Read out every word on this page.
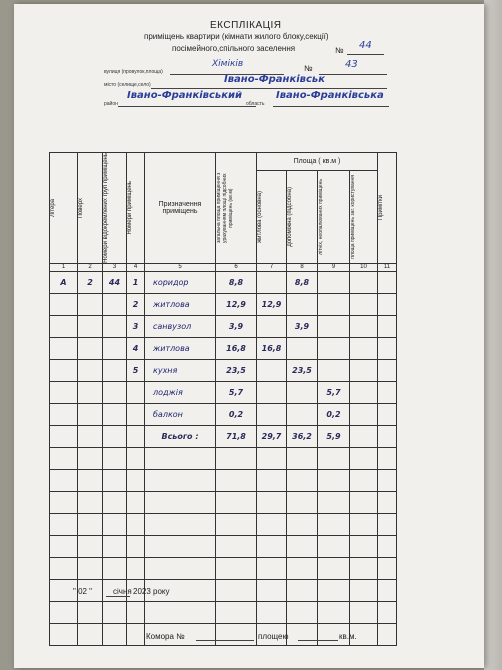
ЕКСПЛІКАЦІЯ
приміщень квартири (кімнати жилого блоку,секції)
посімейного,спільного заселення	№ 44
вулиця (провулок,площа)
Хіміків	№	43
місто (селище,село)	Івано-Франківськ
район
Івано-Франківський
область
Івано-Франківська
Літера	Поверх	Номери відокремлених груп приміщень	Номери приміщень	Призначення приміщень	загальна площа приміщення з урахуванням площі підсобних приміщень (кв.м)	Площа ( кв.м )				Примітки

						житлова (основна)	допоміжна (підсобна)	літніх, неопалюваних приміщень	площа приміщень заг. користування	

1	2	3	4	5	6	7	8	9	10	11
А	2	44	1	коридор	8,8		8,8			
			2	житлова	12,9	12,9				
			3	санвузол	3,9		3,9			
			4	житлова	16,8	16,8				
			5	кухня	23,5		23,5			
				лоджія	5,7			5,7		
				балкон	0,2			0,2		
				Всього :	71,8	29,7	36,2	5,9		

" 02 "	січня 2023 року
Комора №	площею	кв.м.
